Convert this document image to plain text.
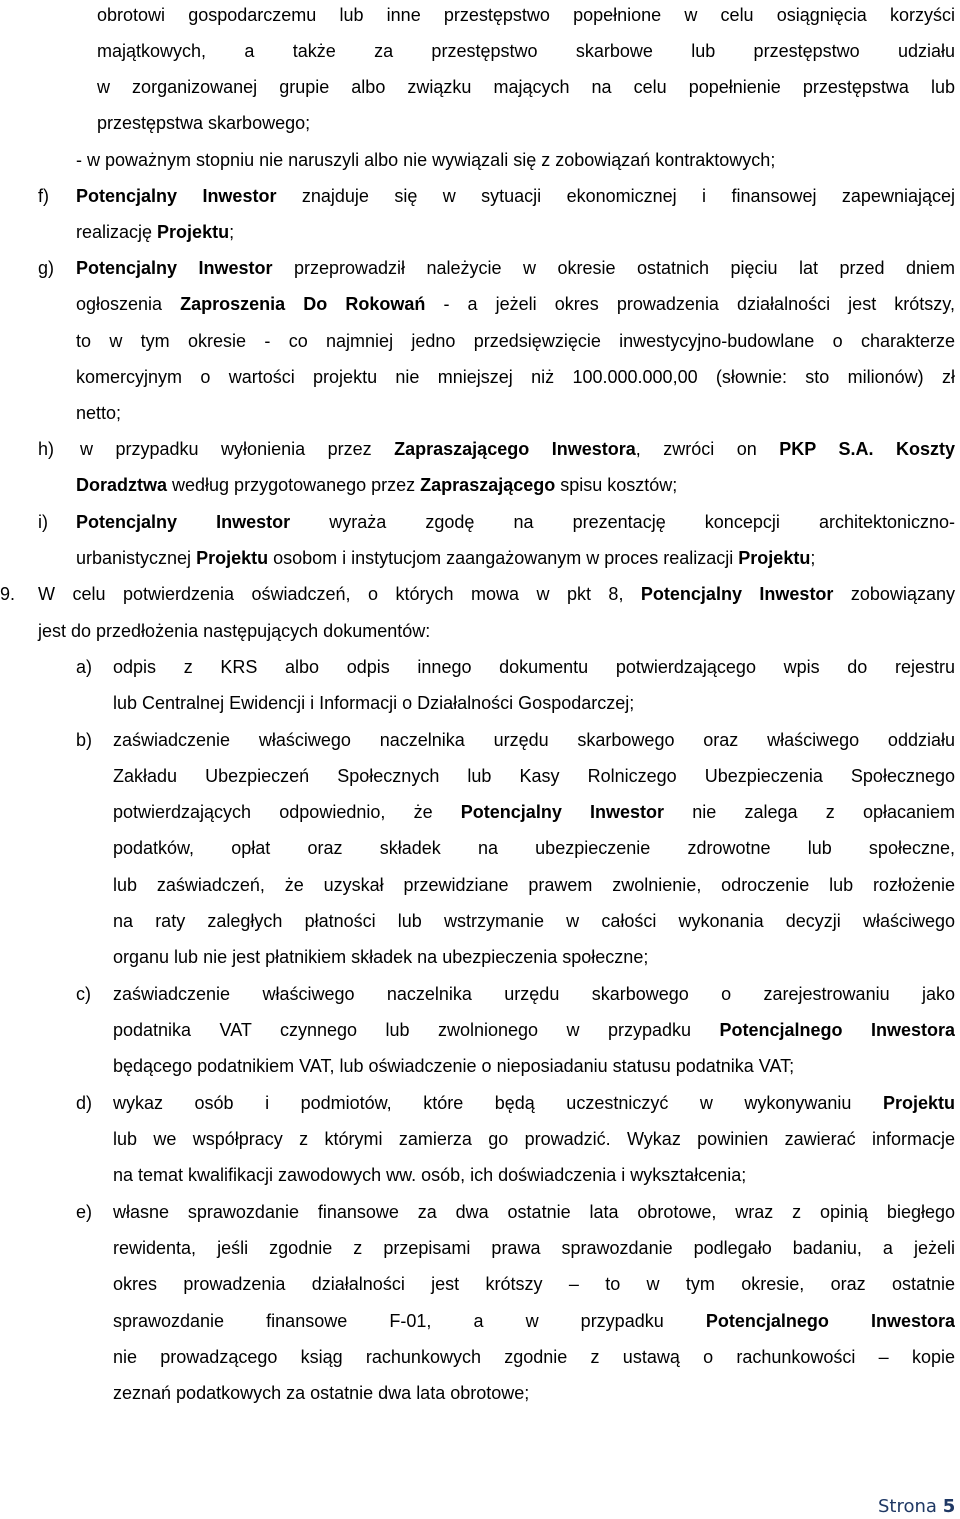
obrotowi gospodarczemu lub inne przestępstwo popełnione w celu osiągnięcia korzyści
majątkowych, a także za przestępstwo skarbowe lub przestępstwo udziału
w zorganizowanej grupie albo związku mających na celu popełnienie przestępstwa lub
przestępstwa skarbowego;
- w poważnym stopniu nie naruszyli albo nie wywiązali się z zobowiązań kontraktowych;
f) Potencjalny Inwestor znajduje się w sytuacji ekonomicznej i finansowej zapewniającej
realizację Projektu;
g) Potencjalny Inwestor przeprowadził należycie w okresie ostatnich pięciu lat przed dniem
ogłoszenia Zaproszenia Do Rokowań - a jeżeli okres prowadzenia działalności jest krótszy,
to w tym okresie - co najmniej jedno przedsięwzięcie inwestycyjno-budowlane o charakterze
komercyjnym o wartości projektu nie mniejszej niż 100.000.000,00 (słownie: sto milionów) zł
netto;
h) w przypadku wyłonienia przez Zapraszającego Inwestora, zwróci on PKP S.A. Koszty
Doradztwa według przygotowanego przez Zapraszającego spisu kosztów;
i) Potencjalny Inwestor wyraża zgodę na prezentację koncepcji architektoniczno-
urbanistycznej Projektu osobom i instytucjom zaangażowanym w proces realizacji Projektu;
9. W celu potwierdzenia oświadczeń, o których mowa w pkt 8, Potencjalny Inwestor zobowiązany
jest do przedłożenia następujących dokumentów:
a) odpis z KRS albo odpis innego dokumentu potwierdzającego wpis do rejestru
lub Centralnej Ewidencji i Informacji o Działalności Gospodarczej;
b) zaświadczenie właściwego naczelnika urzędu skarbowego oraz właściwego oddziału
Zakładu Ubezpieczeń Społecznych lub Kasy Rolniczego Ubezpieczenia Społecznego
potwierdzających odpowiednio, że Potencjalny Inwestor nie zalega z opłacaniem
podatków, opłat oraz składek na ubezpieczenie zdrowotne lub społeczne,
lub zaświadczeń, że uzyskał przewidziane prawem zwolnienie, odroczenie lub rozłożenie
na raty zaległych płatności lub wstrzymanie w całości wykonania decyzji właściwego
organu lub nie jest płatnikiem składek na ubezpieczenia społeczne;
c) zaświadczenie właściwego naczelnika urzędu skarbowego o zarejestrowaniu jako
podatnika VAT czynnego lub zwolnionego w przypadku Potencjalnego Inwestora
będącego podatnikiem VAT, lub oświadczenie o nieposiadaniu statusu podatnika VAT;
d) wykaz osób i podmiotów, które będą uczestniczyć w wykonywaniu Projektu
lub we współpracy z którymi zamierza go prowadzić. Wykaz powinien zawierać informacje
na temat kwalifikacji zawodowych ww. osób, ich doświadczenia i wykształcenia;
e) własne sprawozdanie finansowe za dwa ostatnie lata obrotowe, wraz z opinią biegłego
rewidenta, jeśli zgodnie z przepisami prawa sprawozdanie podlegało badaniu, a jeżeli
okres prowadzenia działalności jest krótszy – to w tym okresie, oraz ostatnie
sprawozdanie finansowe F-01, a w przypadku Potencjalnego Inwestora
nie prowadzącego ksiąg rachunkowych zgodnie z ustawą o rachunkowości – kopie
zeznań podatkowych za ostatnie dwa lata obrotowe;
Strona 5
